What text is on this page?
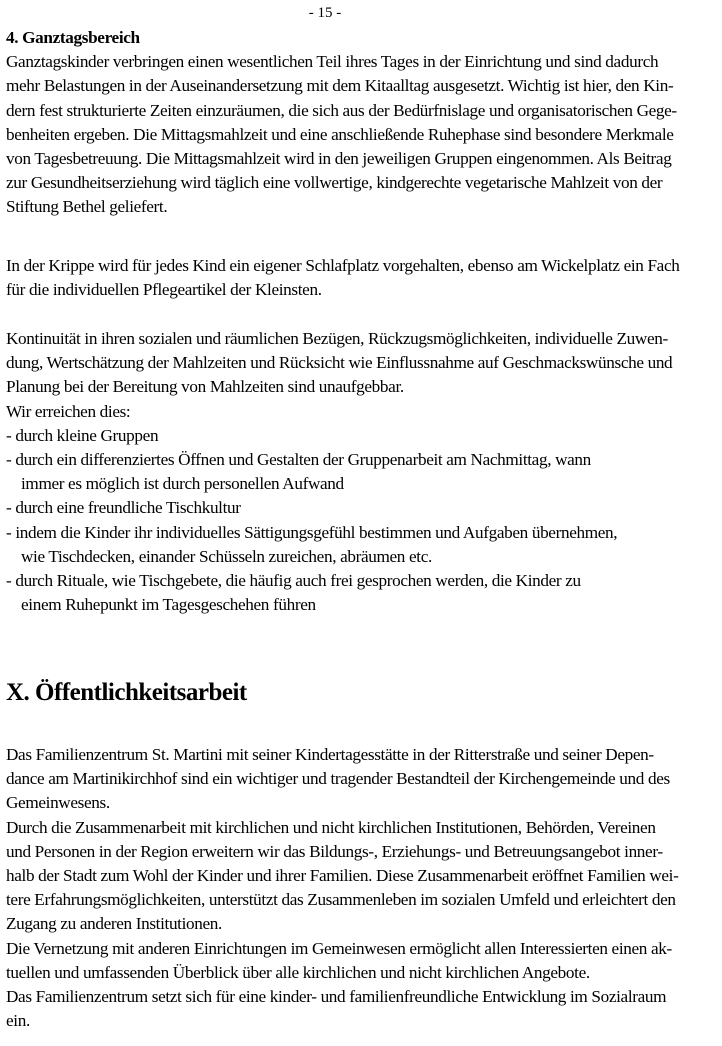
- 15 -
4. Ganztagsbereich
Ganztagskinder verbringen einen wesentlichen Teil ihres Tages in der Einrichtung und sind dadurch
mehr Belastungen in der Auseinandersetzung mit dem Kitaalltag ausgesetzt. Wichtig ist hier, den Kin-
dern fest strukturierte Zeiten einzuräumen, die sich aus der Bedürfnislage und organisatorischen Gege-
benheiten ergeben. Die Mittagsmahlzeit und eine anschließende Ruhephase sind besondere Merkmale
von Tagesbetreuung. Die Mittagsmahlzeit wird in den jeweiligen Gruppen eingenommen. Als Beitrag
zur Gesundheitserziehung wird täglich eine vollwertige, kindgerechte vegetarische Mahlzeit von der
Stiftung Bethel geliefert.
In der Krippe wird für jedes Kind ein eigener Schlafplatz vorgehalten, ebenso am Wickelplatz ein Fach
für die individuellen Pflegeartikel der Kleinsten.
Kontinuität in ihren sozialen und räumlichen Bezügen, Rückzugsmöglichkeiten, individuelle Zuwen-
dung, Wertschätzung der Mahlzeiten und Rücksicht wie Einflussnahme auf Geschmackswünsche und
Planung bei der Bereitung von Mahlzeiten sind unaufgebbar.
Wir erreichen dies:
- durch kleine Gruppen
- durch ein differenziertes Öffnen und Gestalten der Gruppenarbeit am Nachmittag, wann
immer es möglich ist durch personellen Aufwand
- durch eine freundliche Tischkultur
- indem die Kinder ihr individuelles Sättigungsgefühl bestimmen und Aufgaben übernehmen,
wie Tischdecken, einander Schüsseln zureichen, abräumen etc.
- durch Rituale, wie Tischgebete, die häufig auch frei gesprochen werden, die Kinder zu
einem Ruhepunkt im Tagesgeschehen führen
X. Öffentlichkeitsarbeit
Das Familienzentrum St. Martini mit seiner Kindertagesstätte in der Ritterstraße und seiner Depen-
dance am Martinikirchhof sind ein wichtiger und tragender Bestandteil der Kirchengemeinde und des
Gemeinwesens.
Durch die Zusammenarbeit mit kirchlichen und nicht kirchlichen Institutionen, Behörden, Vereinen
und Personen in der Region erweitern wir das Bildungs-, Erziehungs- und Betreuungsangebot inner-
halb der Stadt zum Wohl der Kinder und ihrer Familien. Diese Zusammenarbeit eröffnet Familien wei-
tere Erfahrungsmöglichkeiten, unterstützt das Zusammenleben im sozialen Umfeld und erleichtert den
Zugang zu anderen Institutionen.
Die Vernetzung mit anderen Einrichtungen im Gemeinwesen ermöglicht allen Interessierten einen ak-
tuellen und umfassenden Überblick über alle kirchlichen und nicht kirchlichen Angebote.
Das Familienzentrum setzt sich für eine kinder- und familienfreundliche Entwicklung im Sozialraum
ein.
